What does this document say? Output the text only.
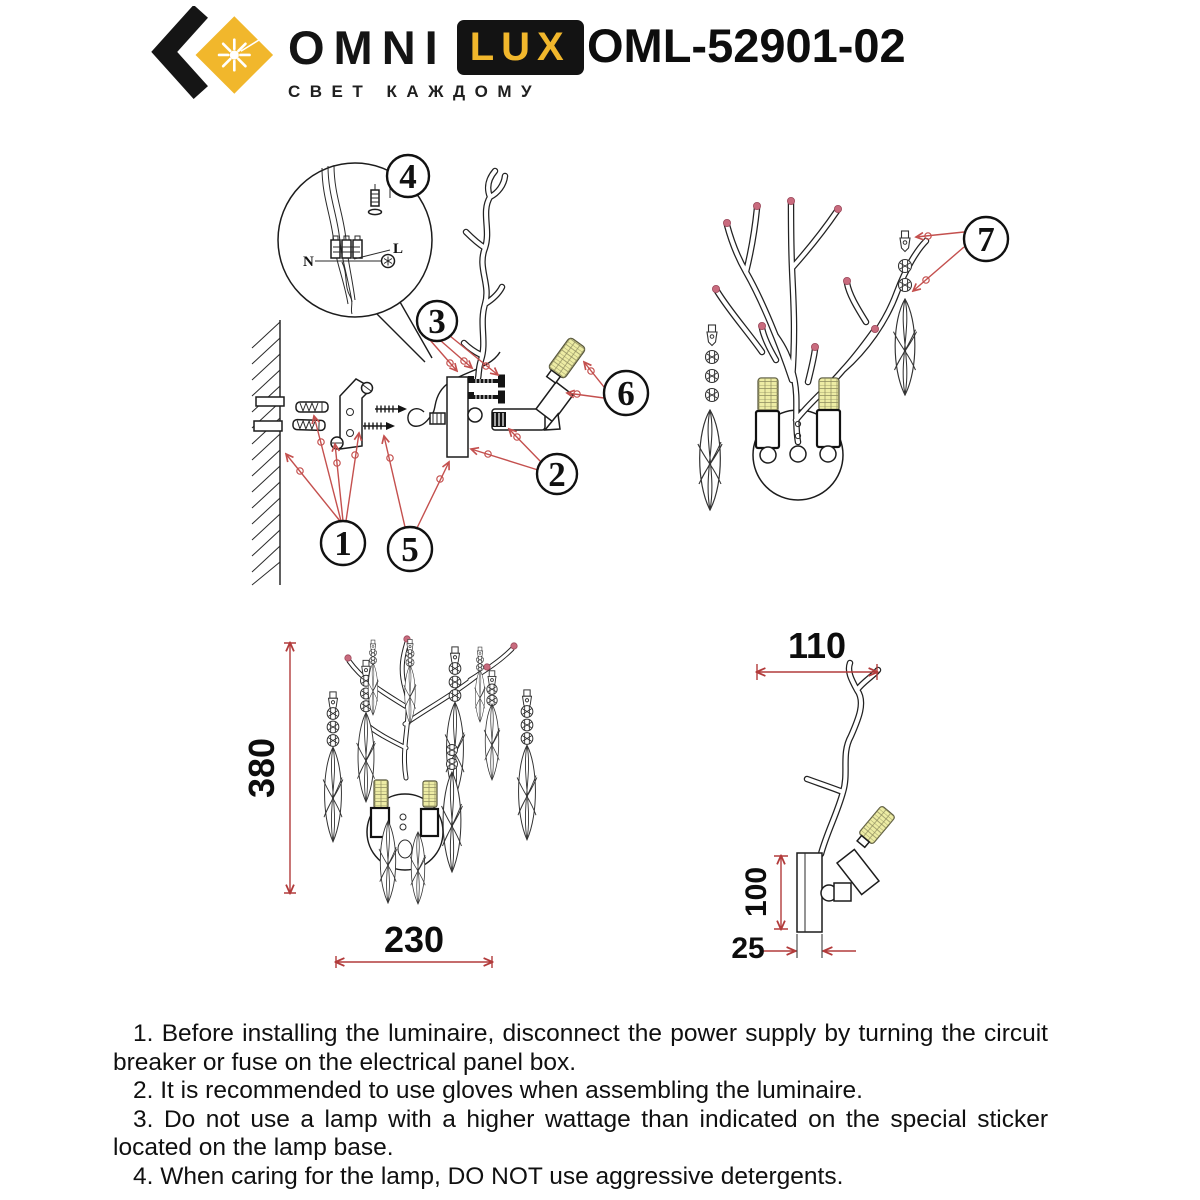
OMNI LUX
СВЕТ КАЖДОМУ
OML-52901-02
N
L
4
3
6
2
1 5
7
380
230
110
100
25

1. Before installing the luminaire, disconnect the power supply by turning the circuit breaker or fuse on the electrical panel box.

2. It is recommended to use gloves when assembling the luminaire.

3. Do not use a lamp with a higher wattage than indicated on the special sticker located on the lamp base.

4. When caring for the lamp, DO NOT use aggressive detergents.
